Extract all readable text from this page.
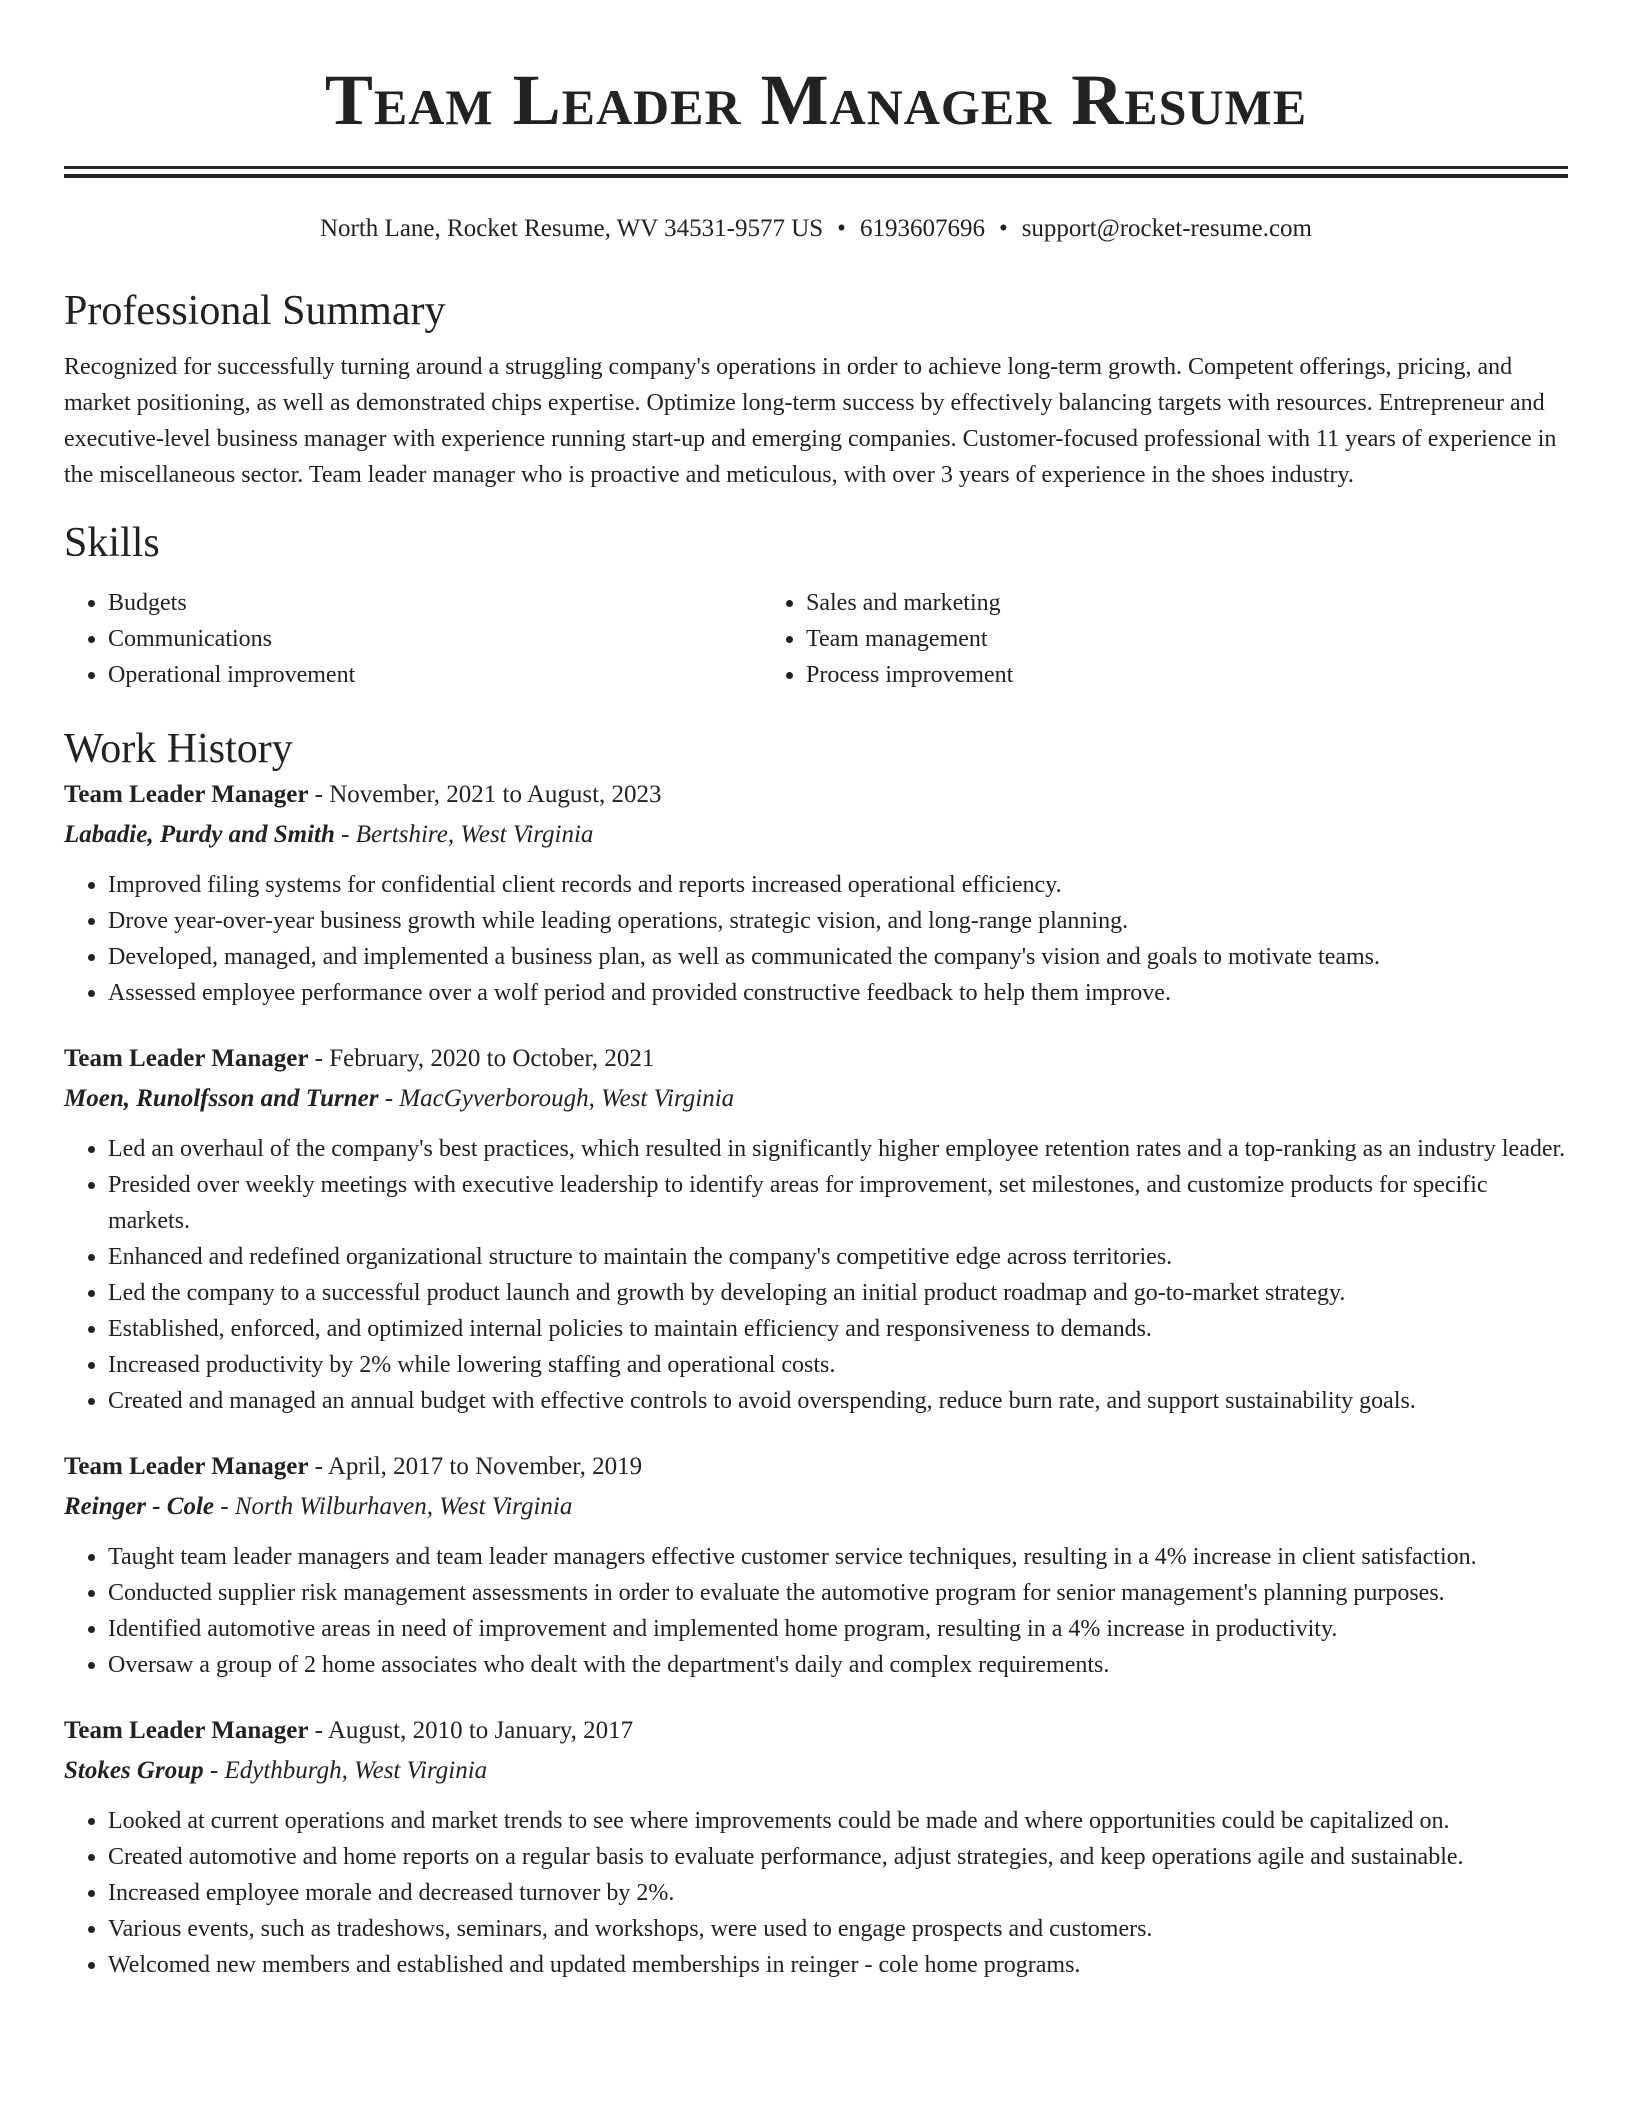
Team Leader Manager Resume
North Lane, Rocket Resume, WV 34531-9577 US • 6193607696 • support@rocket-resume.com
Professional Summary

Recognized for successfully turning around a struggling company's operations in order to achieve long-term growth. Competent offerings, pricing, and market positioning, as well as demonstrated chips expertise. Optimize long-term success by effectively balancing targets with resources. Entrepreneur and executive-level business manager with experience running start-up and emerging companies. Customer-focused professional with 11 years of experience in the miscellaneous sector. Team leader manager who is proactive and meticulous, with over 3 years of experience in the shoes industry.

Skills
• Budgets
• Communications
• Operational improvement
• Sales and marketing
• Team management
• Process improvement
Work History
Team Leader Manager - November, 2021 to August, 2023
Labadie, Purdy and Smith - Bertshire, West Virginia
• Improved filing systems for confidential client records and reports increased operational efficiency.
• Drove year-over-year business growth while leading operations, strategic vision, and long-range planning.
• Developed, managed, and implemented a business plan, as well as communicated the company's vision and goals to motivate teams.
• Assessed employee performance over a wolf period and provided constructive feedback to help them improve.
Team Leader Manager - February, 2020 to October, 2021
Moen, Runolfsson and Turner - MacGyverborough, West Virginia
• Led an overhaul of the company's best practices, which resulted in significantly higher employee retention rates and a top-ranking as an industry leader.
• Presided over weekly meetings with executive leadership to identify areas for improvement, set milestones, and customize products for specific markets.
• Enhanced and redefined organizational structure to maintain the company's competitive edge across territories.
• Led the company to a successful product launch and growth by developing an initial product roadmap and go-to-market strategy.
• Established, enforced, and optimized internal policies to maintain efficiency and responsiveness to demands.
• Increased productivity by 2% while lowering staffing and operational costs.
• Created and managed an annual budget with effective controls to avoid overspending, reduce burn rate, and support sustainability goals.
Team Leader Manager - April, 2017 to November, 2019
Reinger - Cole - North Wilburhaven, West Virginia
• Taught team leader managers and team leader managers effective customer service techniques, resulting in a 4% increase in client satisfaction.
• Conducted supplier risk management assessments in order to evaluate the automotive program for senior management's planning purposes.
• Identified automotive areas in need of improvement and implemented home program, resulting in a 4% increase in productivity.
• Oversaw a group of 2 home associates who dealt with the department's daily and complex requirements.
Team Leader Manager - August, 2010 to January, 2017
Stokes Group - Edythburgh, West Virginia
• Looked at current operations and market trends to see where improvements could be made and where opportunities could be capitalized on.
• Created automotive and home reports on a regular basis to evaluate performance, adjust strategies, and keep operations agile and sustainable.
• Increased employee morale and decreased turnover by 2%.
• Various events, such as tradeshows, seminars, and workshops, were used to engage prospects and customers.
• Welcomed new members and established and updated memberships in reinger - cole home programs.
